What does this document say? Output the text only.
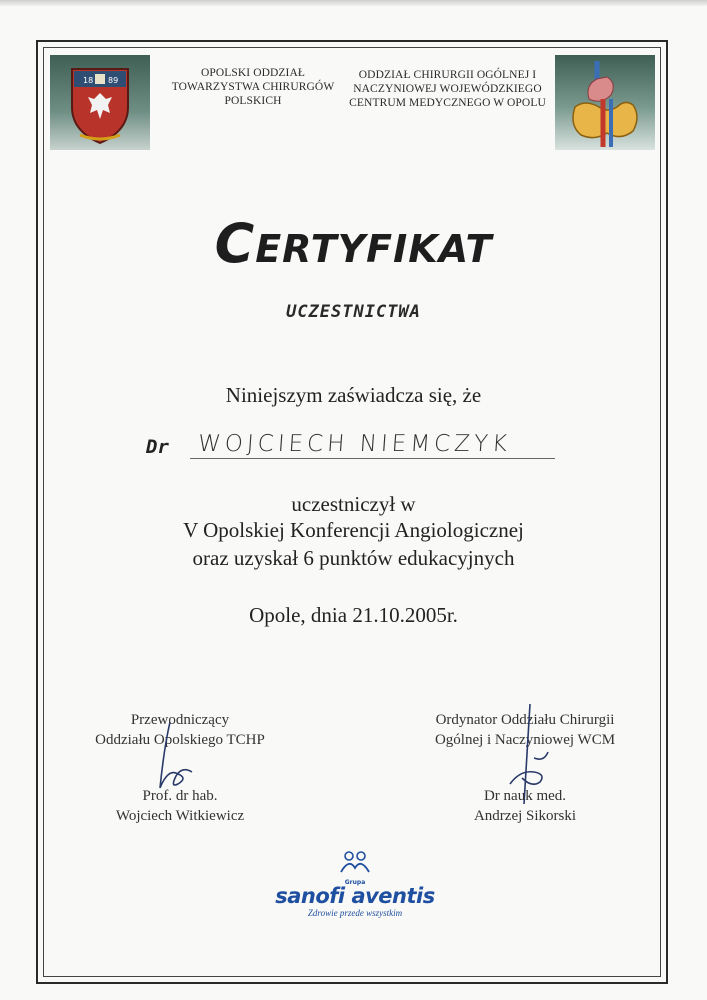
18 89
OPOLSKI ODDZIAŁ TOWARZYSTWA CHIRURGÓW POLSKICH
ODDZIAŁ CHIRURGII OGÓLNEJ I NACZYNIOWEJ WOJEWÓDZKIEGO CENTRUM MEDYCZNEGO W OPOLU
Certyfikat
UCZESTNICTWA
Niniejszym zaświadcza się, że
Dr WOJCIECH NIEMCZYK
uczestniczył w
V Opolskiej Konferencji Angiologicznej
oraz uzyskał 6 punktów edukacyjnych
Opole, dnia 21.10.2005r.
Przewodniczący
Oddziału Opolskiego TCHP
Prof. dr hab.
Wojciech Witkiewicz
Ordynator Oddziału Chirurgii
Ogólnej i Naczyniowej WCM
Dr nauk med.
Andrzej Sikorski
Grupa
sanofi aventis
Zdrowie przede wszystkim
